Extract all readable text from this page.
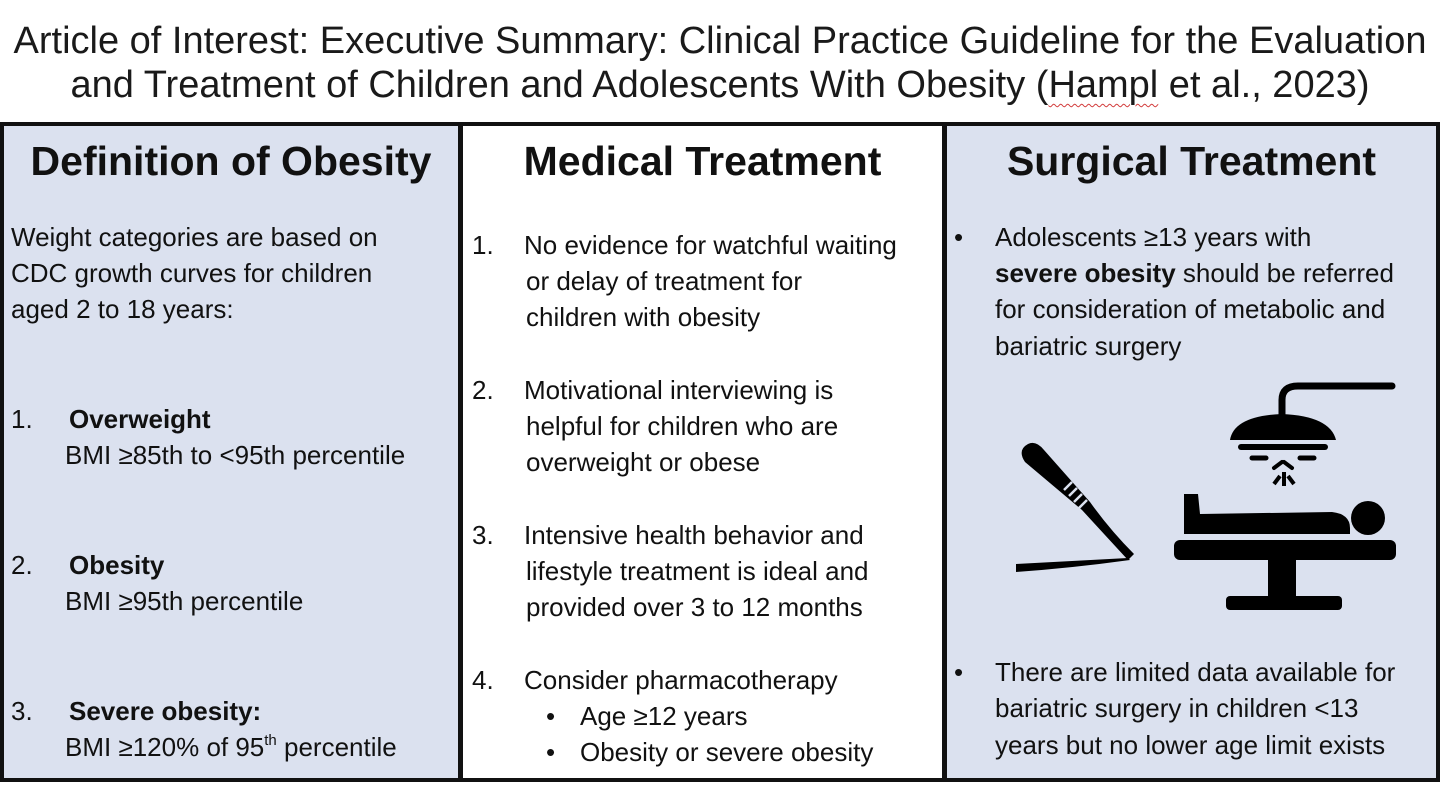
Article of Interest: Executive Summary: Clinical Practice Guideline for the Evaluation
and Treatment of Children and Adolescents With Obesity (Hampl et al., 2023)
Definition of Obesity
Weight categories are based on
CDC growth curves for children
aged 2 to 18 years:
1. Overweight
BMI ≥85th to <95th percentile
2. Obesity
BMI ≥95th percentile
3. Severe obesity:
BMI ≥120% of 95th percentile
Medical Treatment
1. No evidence for watchful waiting
or delay of treatment for
children with obesity
2. Motivational interviewing is
helpful for children who are
overweight or obese
3. Intensive health behavior and
lifestyle treatment is ideal and
provided over 3 to 12 months
4. Consider pharmacotherapy
• Age ≥12 years
• Obesity or severe obesity
Surgical Treatment
• Adolescents ≥13 years with
severe obesity should be referred
for consideration of metabolic and
bariatric surgery
• There are limited data available for
bariatric surgery in children <13
years but no lower age limit exists
